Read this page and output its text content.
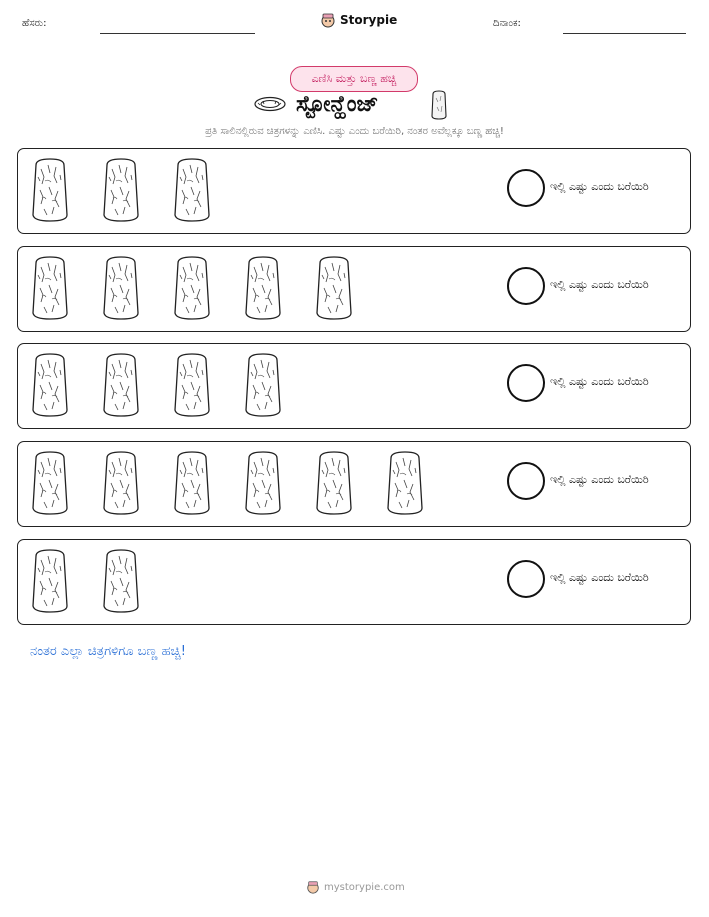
ಹೆಸರು:	Storypie	ದಿನಾಂಕ:
ಎಣಿಸಿ ಮತ್ತು ಬಣ್ಣ ಹಚ್ಚಿ
ಸ್ಟೋನ್ಹೆಂಜ್
ಪ್ರತಿ ಸಾಲಿನಲ್ಲಿರುವ ಚಿತ್ರಗಳನ್ನು ಎಣಿಸಿ. ಎಷ್ಟು ಎಂದು ಬರೆಯಿರಿ, ನಂತರ ಅವೆಲ್ಲಕ್ಕೂ ಬಣ್ಣ ಹಚ್ಚಿ!
ಇಲ್ಲಿ ಎಷ್ಟು ಎಂದು ಬರೆಯಿರಿ
ಇಲ್ಲಿ ಎಷ್ಟು ಎಂದು ಬರೆಯಿರಿ
ಇಲ್ಲಿ ಎಷ್ಟು ಎಂದು ಬರೆಯಿರಿ
ಇಲ್ಲಿ ಎಷ್ಟು ಎಂದು ಬರೆಯಿರಿ
ಇಲ್ಲಿ ಎಷ್ಟು ಎಂದು ಬರೆಯಿರಿ
ನಂತರ ಎಲ್ಲಾ ಚಿತ್ರಗಳಿಗೂ ಬಣ್ಣ ಹಚ್ಚಿ!
mystorypie.com
